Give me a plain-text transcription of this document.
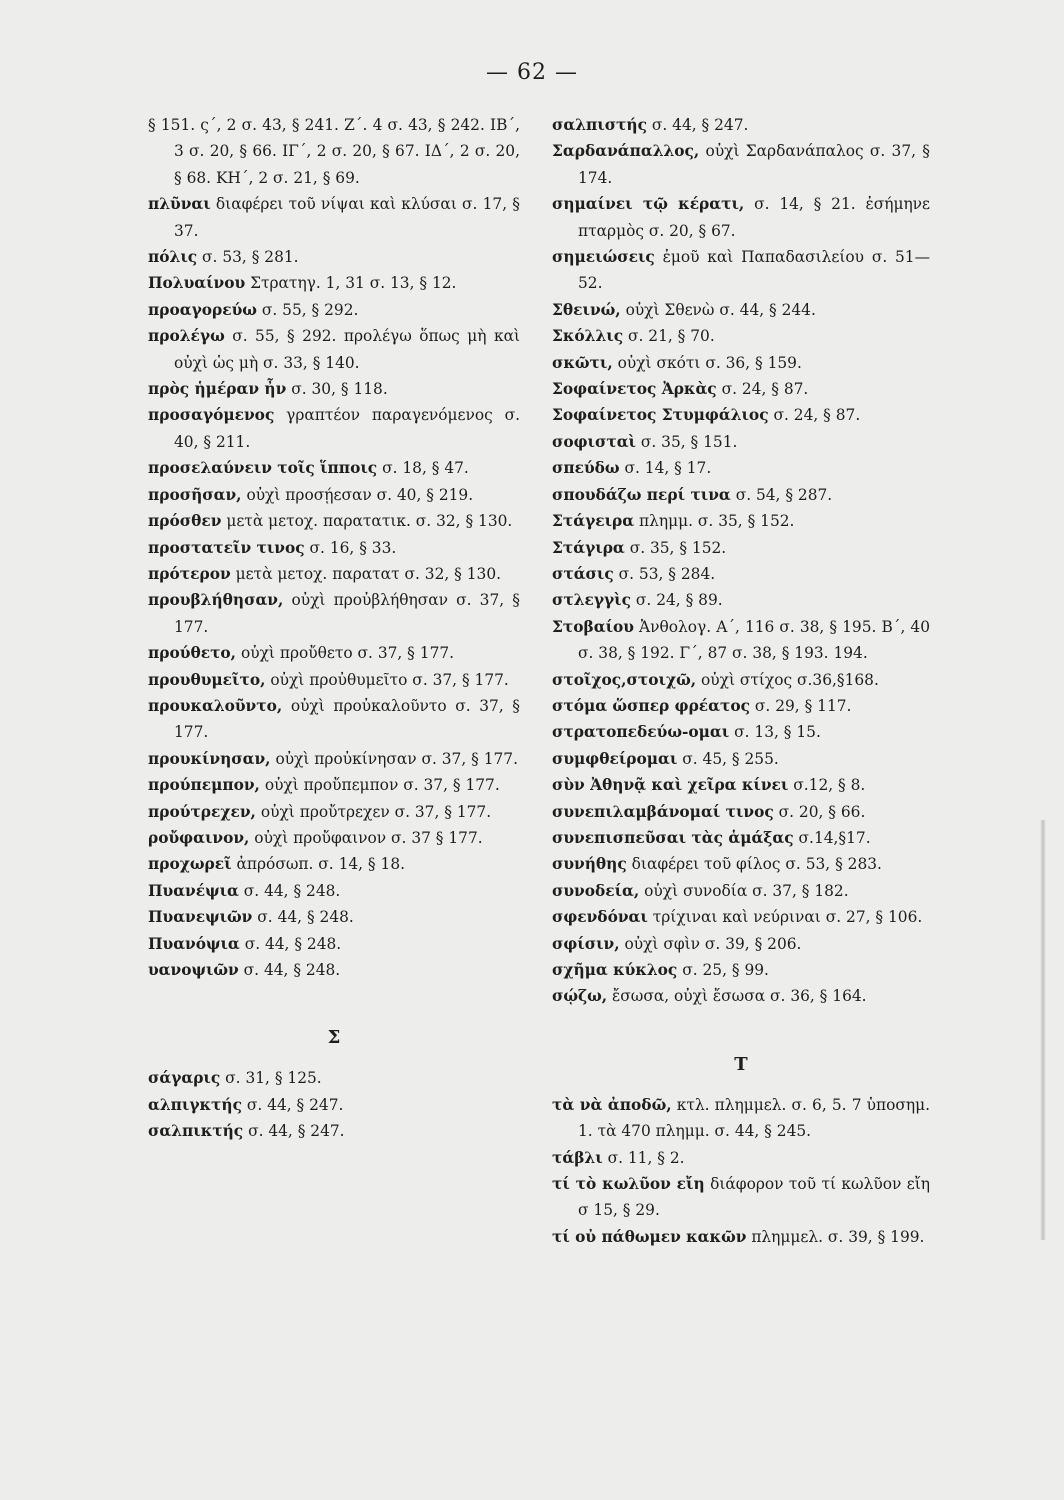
— 62 —
§ 151. ς΄, 2 σ. 43, § 241. Ζ΄. 4 σ. 43, § 242. ΙΒ΄, 3 σ. 20, § 66. ΙΓ΄, 2 σ. 20, § 67. ΙΔ΄, 2 σ. 20, § 68. ΚΗ΄, 2 σ. 21, § 69.
πλῦναι διαφέρει τοῦ νίψαι καὶ κλύσαι σ. 17, § 37.
πόλις σ. 53, § 281.
Πολυαίνου Στρατηγ. 1, 31 σ. 13, § 12.
προαγορεύω σ. 55, § 292.
προλέγω σ. 55, § 292. προλέγω ὅπως μὴ καὶ οὐχὶ ὡς μὴ σ. 33, § 140.
πρὸς ἡμέραν ἦν σ. 30, § 118.
προσαγόμενος γραπτέον παραγενόμενος σ. 40, § 211.
προσελαύνειν τοῖς ἵπποις σ. 18, § 47.
προσῆσαν, οὐχὶ προσῄεσαν σ. 40, § 219.
πρόσθεν μετὰ μετοχ. παρατατικ. σ. 32, § 130.
προστατεῖν τινος σ. 16, § 33.
πρότερον μετὰ μετοχ. παρατατ σ. 32, § 130.
προυβλήθησαν, οὐχὶ προὐβλήθησαν σ. 37, § 177.
προύθετο, οὐχὶ προὔθετο σ. 37, § 177.
προυθυμεῖτο, οὐχὶ προὐθυμεῖτο σ. 37, § 177.
προυκαλοῦντο, οὐχὶ προὐκαλοῦντο σ. 37, § 177.
προυκίνησαν, οὐχὶ προὐκίνησαν σ. 37, § 177.
προύπεμπον, οὐχὶ προὔπεμπον σ. 37, § 177.
προύτρεχεν, οὐχὶ προὔτρεχεν σ. 37, § 177.
ροὔφαινον, οὐχὶ προὔφαινον σ. 37 § 177.
προχωρεῖ ἀπρόσωπ. σ. 14, § 18.
Πυανέψια σ. 44, § 248.
Πυανεψιῶν σ. 44, § 248.
Πυανόψια σ. 44, § 248.
υανοψιῶν σ. 44, § 248.
Σ
σάγαρις σ. 31, § 125.
αλπιγκτής σ. 44, § 247.
σαλπικτής σ. 44, § 247.
σαλπιστής σ. 44, § 247.
Σαρδανάπαλλος, οὐχὶ Σαρδανάπαλος σ. 37, § 174.
σημαίνει τῷ κέρατι, σ. 14, § 21. ἐσήμηνε πταρμὸς σ. 20, § 67.
σημειώσεις ἐμοῦ καὶ Παπαδασιλείου σ. 51—52.
Σθεινώ, οὐχὶ Σθενὼ σ. 44, § 244.
Σκόλλις σ. 21, § 70.
σκῶτι, οὐχὶ σκότι σ. 36, § 159.
Σοφαίνετος Ἀρκὰς σ. 24, § 87.
Σοφαίνετος Στυμφάλιος σ. 24, § 87.
σοφισταὶ σ. 35, § 151.
σπεύδω σ. 14, § 17.
σπουδάζω περί τινα σ. 54, § 287.
Στάγειρα πλημμ. σ. 35, § 152.
Στάγιρα σ. 35, § 152.
στάσις σ. 53, § 284.
στλεγγὶς σ. 24, § 89.
Στοβαίου Ἀνθολογ. Α΄, 116 σ. 38, § 195. Β΄, 40 σ. 38, § 192. Γ΄, 87 σ. 38, § 193. 194.
στοῖχος,στοιχῶ, οὐχὶ στίχος σ.36,§168.
στόμα ὥσπερ φρέατος σ. 29, § 117.
στρατοπεδεύω-ομαι σ. 13, § 15.
συμφθείρομαι σ. 45, § 255.
σὺν Ἀθηνᾷ καὶ χεῖρα κίνει σ.12, § 8.
συνεπιλαμβάνομαί τινος σ. 20, § 66.
συνεπισπεῦσαι τὰς ἁμάξας σ.14,§17.
συνήθης διαφέρει τοῦ φίλος σ. 53, § 283.
συνοδεία, οὐχὶ συνοδία σ. 37, § 182.
σφενδόναι τρίχιναι καὶ νεύριναι σ. 27, § 106.
σφίσιν, οὐχὶ σφὶν σ. 39, § 206.
σχῆμα κύκλος σ. 25, § 99.
σῴζω, ἔσωσα, οὐχὶ ἔσωσα σ. 36, § 164.
Τ
τὰ νὰ ἀποδῶ, κτλ. πλημμελ. σ. 6, 5. 7 ὑποσημ. 1. τὰ 470 πλημμ. σ. 44, § 245.
τάβλι σ. 11, § 2.
τί τὸ κωλῦον εἴη διάφορον τοῦ τί κωλῦον εἴη σ 15, § 29.
τί οὐ πάθωμεν κακῶν πλημμελ. σ. 39, § 199.
